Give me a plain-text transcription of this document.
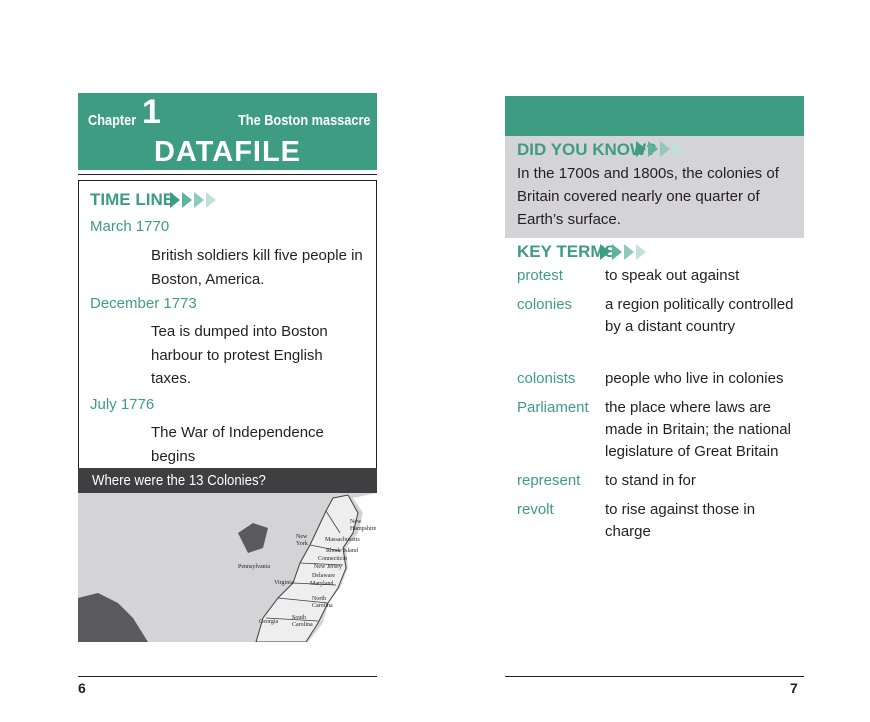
Chapter 1	The Boston massacre
DATAFILE
TIME LINE
March 1770
British soldiers kill five people in Boston, America.
December 1773
Tea is dumped into Boston harbour to protest English taxes.
July 1776
The War of Independence begins
Where were the 13 Colonies?
New Hampshire
New York
Massachusetts
Rhode Island
Connecticut
New Jersey
Pennsylvania
Delaware
Maryland
Virginia
North Carolina
South Carolina
Georgia
6
DID YOU KNOW?
In the 1700s and 1800s, the colonies of Britain covered nearly one quarter of Earth’s surface.
KEY TERMS
protest	to speak out against
colonies a region politically controlled by a distant country
colonists people who live in colonies
Parliament the place where laws are made in Britain; the national legislature of Great Britain
represent to stand in for
revolt	to rise against those in charge
7
